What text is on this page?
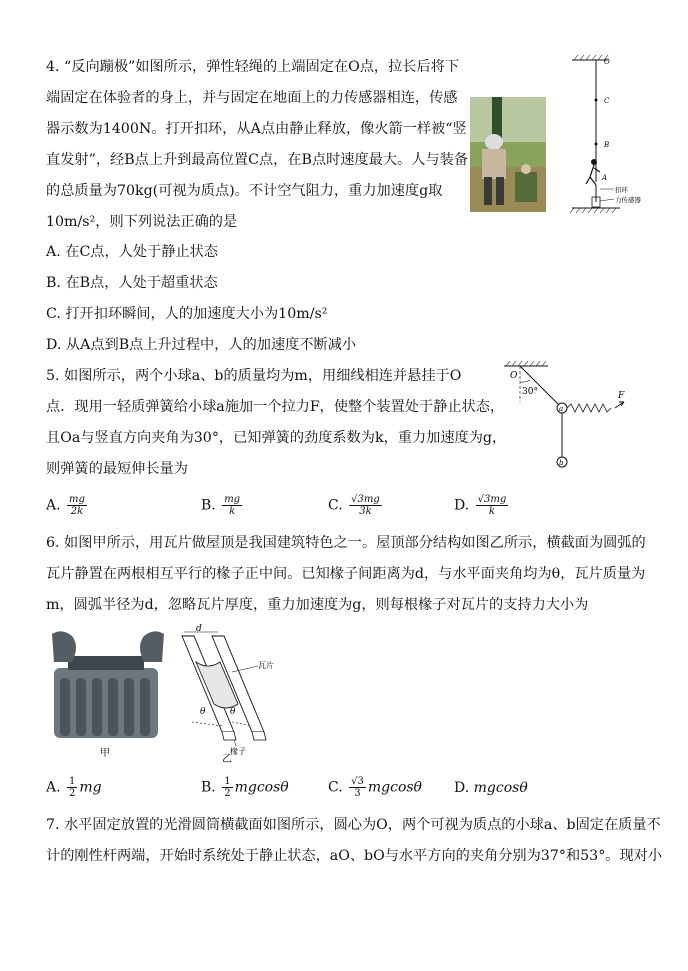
4. “反向蹦极”如图所示，弹性轻绳的上端固定在O点，拉长后将下
端固定在体验者的身上，并与固定在地面上的力传感器相连，传感
器示数为1400N。打开扣环，从A点由静止释放，像火箭一样被“竖
直发射”，经B点上升到最高位置C点，在B点时速度最大。人与装备
的总质量为70kg(可视为质点)。不计空气阻力，重力加速度g取
10m/s²，则下列说法正确的是
A. 在C点，人处于静止状态
B. 在B点，人处于超重状态
C. 打开扣环瞬间，人的加速度大小为10m/s²
D. 从A点到B点上升过程中，人的加速度不断减小
O
C
B
A
扣环
力传感器
5. 如图所示，两个小球a、b的质量均为m，用细线相连并悬挂于O
点．现用一轻质弹簧给小球a施加一个拉力F，使整个装置处于静止状态，
且Oa与竖直方向夹角为30°，已知弹簧的劲度系数为k，重力加速度为g，
则弹簧的最短伸长量为
A. $\frac{mg}{2k}$	B. $\frac{mg}{k}$	C. $\frac{√3mg}{3k}$	D. $\frac{√3mg}{k}$
O
30°
a
F
b
6. 如图甲所示，用瓦片做屋顶是我国建筑特色之一。屋顶部分结构如图乙所示，横截面为圆弧的
瓦片静置在两根相互平行的椽子正中间。已知椽子间距离为d，与水平面夹角均为θ，瓦片质量为
m，圆弧半径为d，忽略瓦片厚度，重力加速度为g，则每根椽子对瓦片的支持力大小为
甲
d
瓦片
θ	θ
椽子
乙
A. $\frac{1}{2}$ mg	B. $\frac{1}{2}$ mgcosθ	C. $\frac{√3}{3}$ mgcosθ D. mgcosθ
7. 水平固定放置的光滑圆筒横截面如图所示，圆心为O，两个可视为质点的小球a、b固定在质量不
计的刚性杆两端，开始时系统处于静止状态，aO、bO与水平方向的夹角分别为37°和53°。现对小
